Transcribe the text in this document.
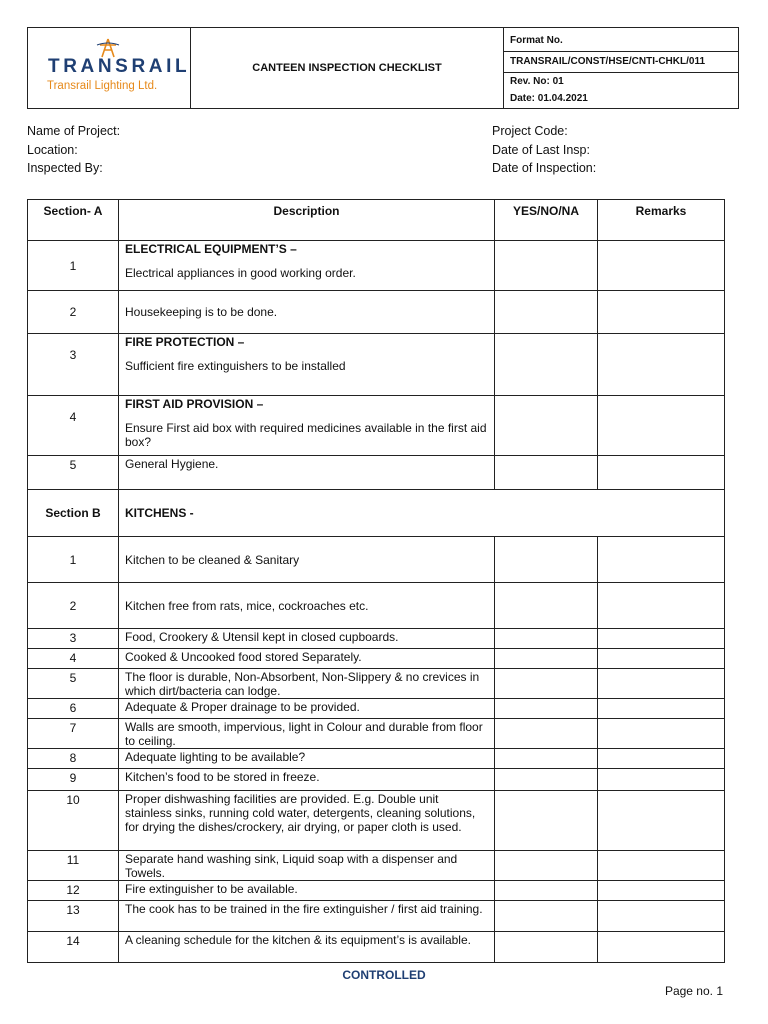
TRANSRAIL
Transrail Lighting Ltd.
	CANTEEN INSPECTION CHECKLIST	
Format No.
TRANSRAIL/CONST/HSE/CNTI-CHKL/011
Rev. No: 01
Date: 01.04.2021
Name of Project:
Location:
Inspected By:
Project Code:
Date of Last Insp:
Date of Inspection:
Section- A	Description	YES/NO/NA	Remarks
1	ELECTRICAL EQUIPMENT’S –
Electrical appliances in good working order.		

2	Housekeeping is to be done.		
3	FIRE PROTECTION –
Sufficient fire extinguishers to be installed		

4	FIRST AID PROVISION –
Ensure First aid box with required medicines available in the first aid box?		

5	General Hygiene.		
Section B	KITCHENS -		
1	Kitchen to be cleaned & Sanitary		
2	Kitchen free from rats, mice, cockroaches etc.		
3	Food, Crookery & Utensil kept in closed cupboards.		
4	Cooked & Uncooked food stored Separately.		
5	The floor is durable, Non-Absorbent, Non-Slippery & no crevices in which dirt/bacteria can lodge.		
6	Adequate & Proper drainage to be provided.		
7	Walls are smooth, impervious, light in Colour and durable from floor to ceiling.		
8	Adequate lighting to be available?		
9	Kitchen’s food to be stored in freeze.		
10	Proper dishwashing facilities are provided. E.g. Double unit stainless sinks, running cold water, detergents, cleaning solutions, for drying the dishes/crockery, air drying, or paper cloth is used.		
11	Separate hand washing sink, Liquid soap with a dispenser and Towels.		
12	Fire extinguisher to be available.		
13	The cook has to be trained in the fire extinguisher / first aid training.		
14	A cleaning schedule for the kitchen & its equipment’s is available.		
CONTROLLED
Page no. 1
